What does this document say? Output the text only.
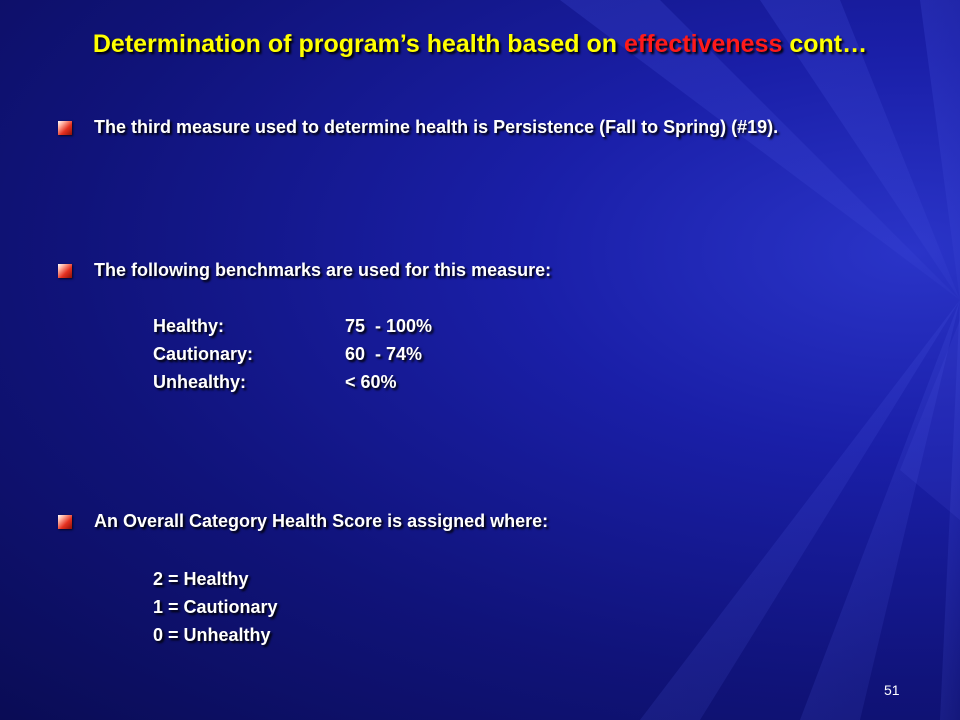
Determination of program’s health based on effectiveness cont…
The third measure used to determine health is Persistence (Fall to Spring) (#19).
The following benchmarks are used for this measure:
Healthy:	75  - 100%
Cautionary:	60  - 74%
Unhealthy:	< 60%
An Overall Category Health Score is assigned where:
2 = Healthy
1 = Cautionary
0 = Unhealthy
51
